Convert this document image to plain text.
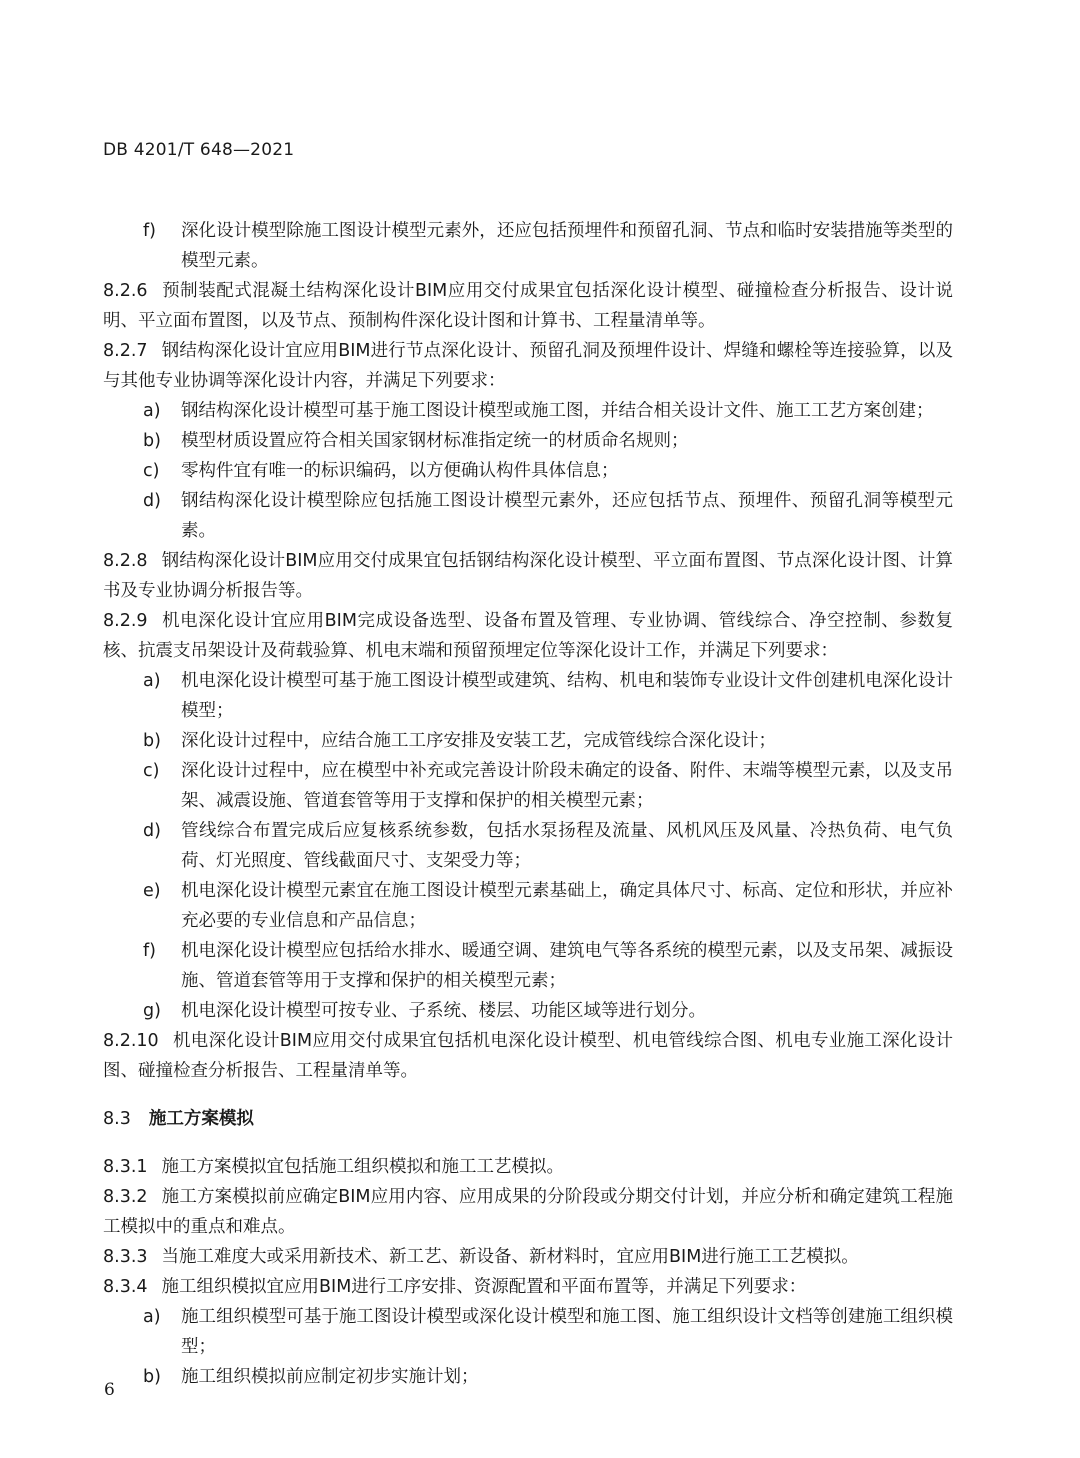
DB 4201/T 648—2021
f) 深化设计模型除施工图设计模型元素外，还应包括预埋件和预留孔洞、节点和临时安装措施等类型的模型元素。
8.2.6 预制装配式混凝土结构深化设计BIM应用交付成果宜包括深化设计模型、碰撞检查分析报告、设计说明、平立面布置图，以及节点、预制构件深化设计图和计算书、工程量清单等。
8.2.7 钢结构深化设计宜应用BIM进行节点深化设计、预留孔洞及预埋件设计、焊缝和螺栓等连接验算，以及与其他专业协调等深化设计内容，并满足下列要求：
a) 钢结构深化设计模型可基于施工图设计模型或施工图，并结合相关设计文件、施工工艺方案创建；
b) 模型材质设置应符合相关国家钢材标准指定统一的材质命名规则；
c) 零构件宜有唯一的标识编码，以方便确认构件具体信息；
d) 钢结构深化设计模型除应包括施工图设计模型元素外，还应包括节点、预埋件、预留孔洞等模型元素。
8.2.8 钢结构深化设计BIM应用交付成果宜包括钢结构深化设计模型、平立面布置图、节点深化设计图、计算书及专业协调分析报告等。
8.2.9 机电深化设计宜应用BIM完成设备选型、设备布置及管理、专业协调、管线综合、净空控制、参数复核、抗震支吊架设计及荷载验算、机电末端和预留预埋定位等深化设计工作，并满足下列要求：
a) 机电深化设计模型可基于施工图设计模型或建筑、结构、机电和装饰专业设计文件创建机电深化设计模型；
b) 深化设计过程中，应结合施工工序安排及安装工艺，完成管线综合深化设计；
c) 深化设计过程中，应在模型中补充或完善设计阶段未确定的设备、附件、末端等模型元素，以及支吊架、减震设施、管道套管等用于支撑和保护的相关模型元素；
d) 管线综合布置完成后应复核系统参数，包括水泵扬程及流量、风机风压及风量、冷热负荷、电气负荷、灯光照度、管线截面尺寸、支架受力等；
e) 机电深化设计模型元素宜在施工图设计模型元素基础上，确定具体尺寸、标高、定位和形状，并应补充必要的专业信息和产品信息；
f) 机电深化设计模型应包括给水排水、暖通空调、建筑电气等各系统的模型元素，以及支吊架、减振设施、管道套管等用于支撑和保护的相关模型元素；
g) 机电深化设计模型可按专业、子系统、楼层、功能区域等进行划分。
8.2.10 机电深化设计BIM应用交付成果宜包括机电深化设计模型、机电管线综合图、机电专业施工深化设计图、碰撞检查分析报告、工程量清单等。
8.3 施工方案模拟
8.3.1 施工方案模拟宜包括施工组织模拟和施工工艺模拟。
8.3.2 施工方案模拟前应确定BIM应用内容、应用成果的分阶段或分期交付计划，并应分析和确定建筑工程施工模拟中的重点和难点。
8.3.3 当施工难度大或采用新技术、新工艺、新设备、新材料时，宜应用BIM进行施工工艺模拟。
8.3.4 施工组织模拟宜应用BIM进行工序安排、资源配置和平面布置等，并满足下列要求：
a) 施工组织模型可基于施工图设计模型或深化设计模型和施工图、施工组织设计文档等创建施工组织模型；
b) 施工组织模拟前应制定初步实施计划；
6
